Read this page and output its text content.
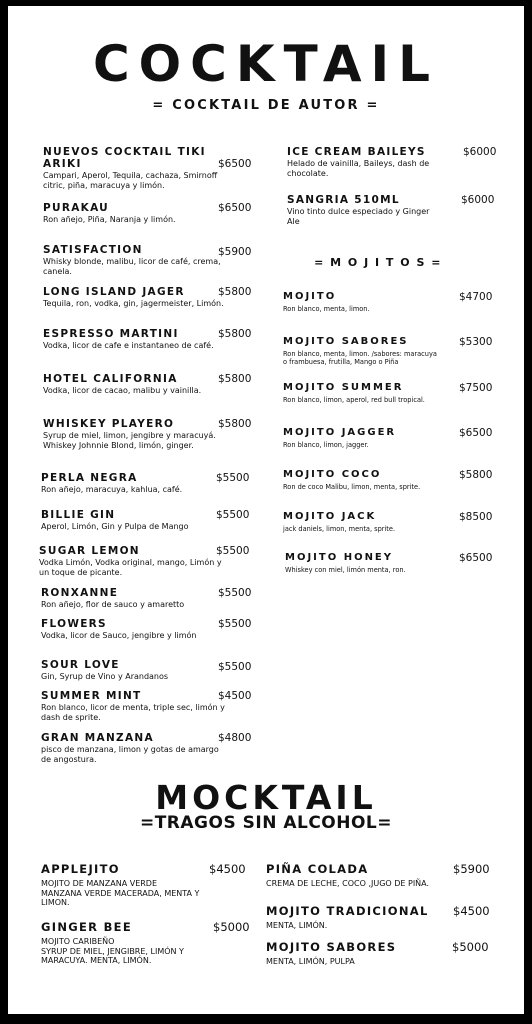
COCKTAIL
= COCKTAIL DE AUTOR =
NUEVOS COCKTAIL TIKI
ARIKI	$6500
Campari, Aperol, Tequila, cachaza, Smirnoff citric, piña, maracuya y limón.
PURAKAU	$6500
Ron añejo, Piña, Naranja y limón.
SATISFACTION	$5900
Whisky blonde, malibu, licor de café, crema, canela.
LONG ISLAND JAGER	$5800
Tequila, ron, vodka, gin, jagermeister, Limón.
ESPRESSO MARTINI	$5800
Vodka, licor de cafe e instantaneo de café.
HOTEL CALIFORNIA	$5800
Vodka, licor de cacao, malibu y vainilla.
WHISKEY PLAYERO	$5800
Syrup de miel, limon, jengibre y maracuyá. Whiskey Johnnie Blond, limón, ginger.
PERLA NEGRA	$5500
Ron añejo, maracuya, kahlua, café.
BILLIE GIN	$5500
Aperol, Limón, Gin y Pulpa de Mango
SUGAR LEMON	$5500
Vodka Limón, Vodka original, mango, Limón y un toque de picante.
RONXANNE	$5500
Ron añejo, flor de sauco y amaretto
FLOWERS	$5500
Vodka, licor de Sauco, jengibre y limón
SOUR LOVE	$5500
Gin, Syrup de Vino y Arandanos
SUMMER MINT	$4500
Ron blanco, licor de menta, triple sec, limón y dash de sprite.
GRAN MANZANA	$4800
pisco de manzana, limon y gotas de amargo de angostura.
ICE CREAM BAILEYS	$6000
Helado de vainilla, Baileys, dash de chocolate.
SANGRIA 510ML	$6000
Vino tinto dulce especiado y Ginger Ale
= M O J I T O S =
MOJITO	$4700
Ron blanco, menta, limon.
MOJITO SABORES	$5300
Ron blanco, menta, limon. /sabores: maracuya o frambuesa, frutilla, Mango o Piña
MOJITO SUMMER	$7500
Ron blanco, limon, aperol, red bull tropical.
MOJITO JAGGER	$6500
Ron blanco, limon, jagger.
MOJITO COCO	$5800
Ron de coco Malibu, limon, menta, sprite.
MOJITO JACK	$8500
jack daniels, limon, menta, sprite.
MOJITO HONEY	$6500
Whiskey con miel, limón menta, ron.
MOCKTAIL
=TRAGOS SIN ALCOHOL=
APPLEJITO	$4500
MOJITO DE MANZANA VERDE
MANZANA VERDE MACERADA, MENTA Y LIMON.
GINGER BEE	$5000
MOJITO CARIBEÑO
SYRUP DE MIEL, JENGIBRE, LIMÓN Y MARACUYA. MENTA, LIMÓN.
PIÑA COLADA	$5900
CREMA DE LECHE, COCO ,JUGO DE PIÑA.
MOJITO TRADICIONAL $4500
MENTA, LIMÓN.
MOJITO SABORES	$5000
MENTA, LIMÓN, PULPA
